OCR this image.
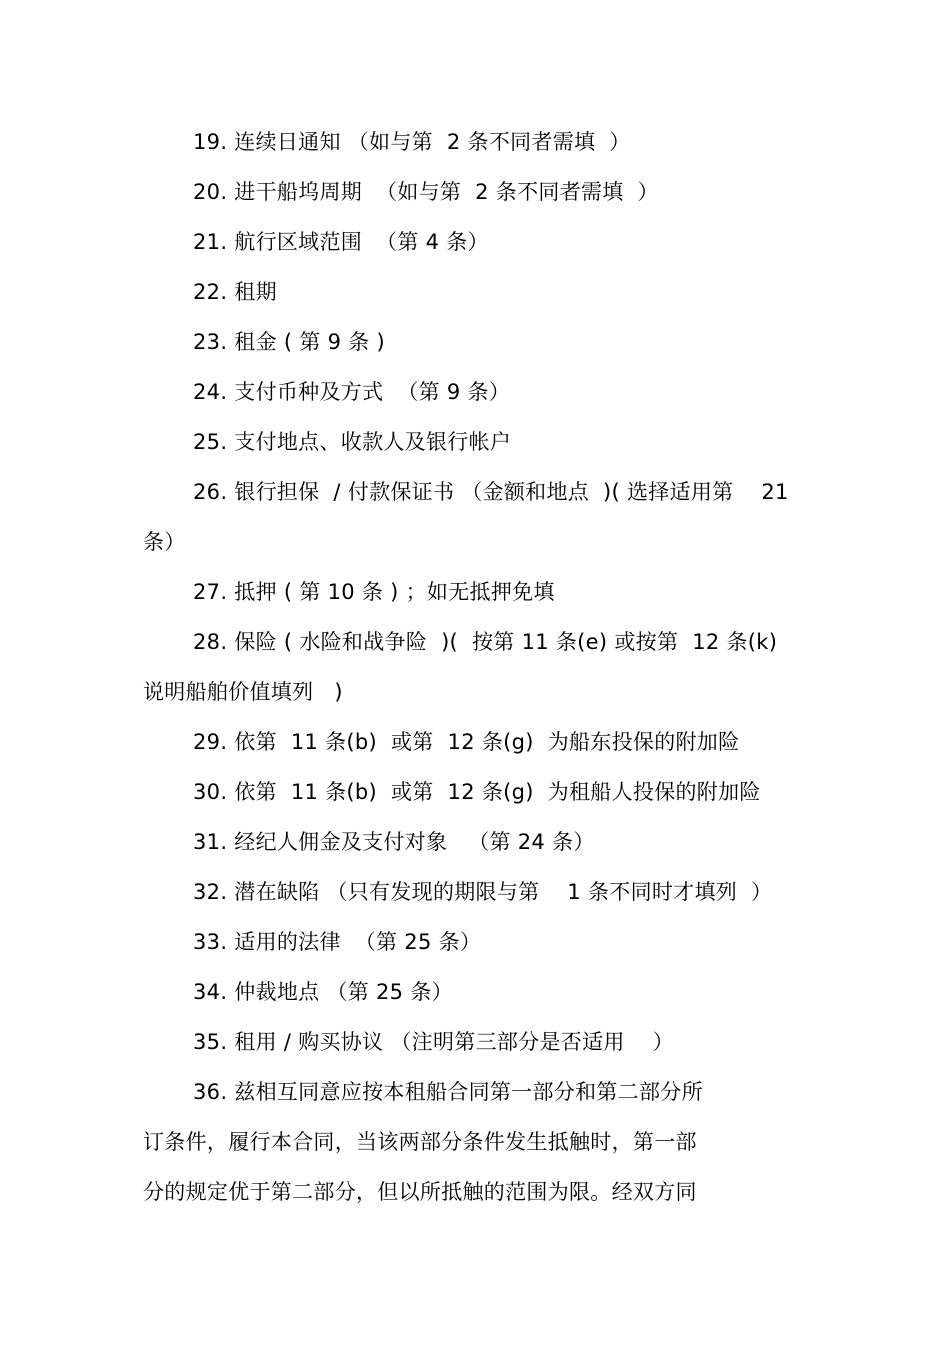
19. 连续日通知 （如与第  2 条不同者需填  ）
20. 进干船坞周期  （如与第  2 条不同者需填  ）
21. 航行区域范围  （第 4 条）
22. 租期
23. 租金 ( 第 9 条 )
24. 支付币种及方式  （第 9 条）
25. 支付地点、收款人及银行帐户
26. 银行担保  / 付款保证书 （金额和地点  )( 选择适用第    21
条）
27. 抵押 ( 第 10 条 ) ；如无抵押免填
28. 保险 ( 水险和战争险  )(  按第 11 条(e) 或按第  12 条(k)
说明船舶价值填列   )
29. 依第  11 条(b)  或第  12 条(g)  为船东投保的附加险
30. 依第  11 条(b)  或第  12 条(g)  为租船人投保的附加险
31. 经纪人佣金及支付对象   （第 24 条）
32. 潜在缺陷 （只有发现的期限与第    1 条不同时才填列  ）
33. 适用的法律  （第 25 条）
34. 仲裁地点 （第 25 条）
35. 租用 / 购买协议 （注明第三部分是否适用    ）
36. 兹相互同意应按本租船合同第一部分和第二部分所
订条件，履行本合同，当该两部分条件发生抵触时，第一部
分的规定优于第二部分，但以所抵触的范围为限。经双方同
